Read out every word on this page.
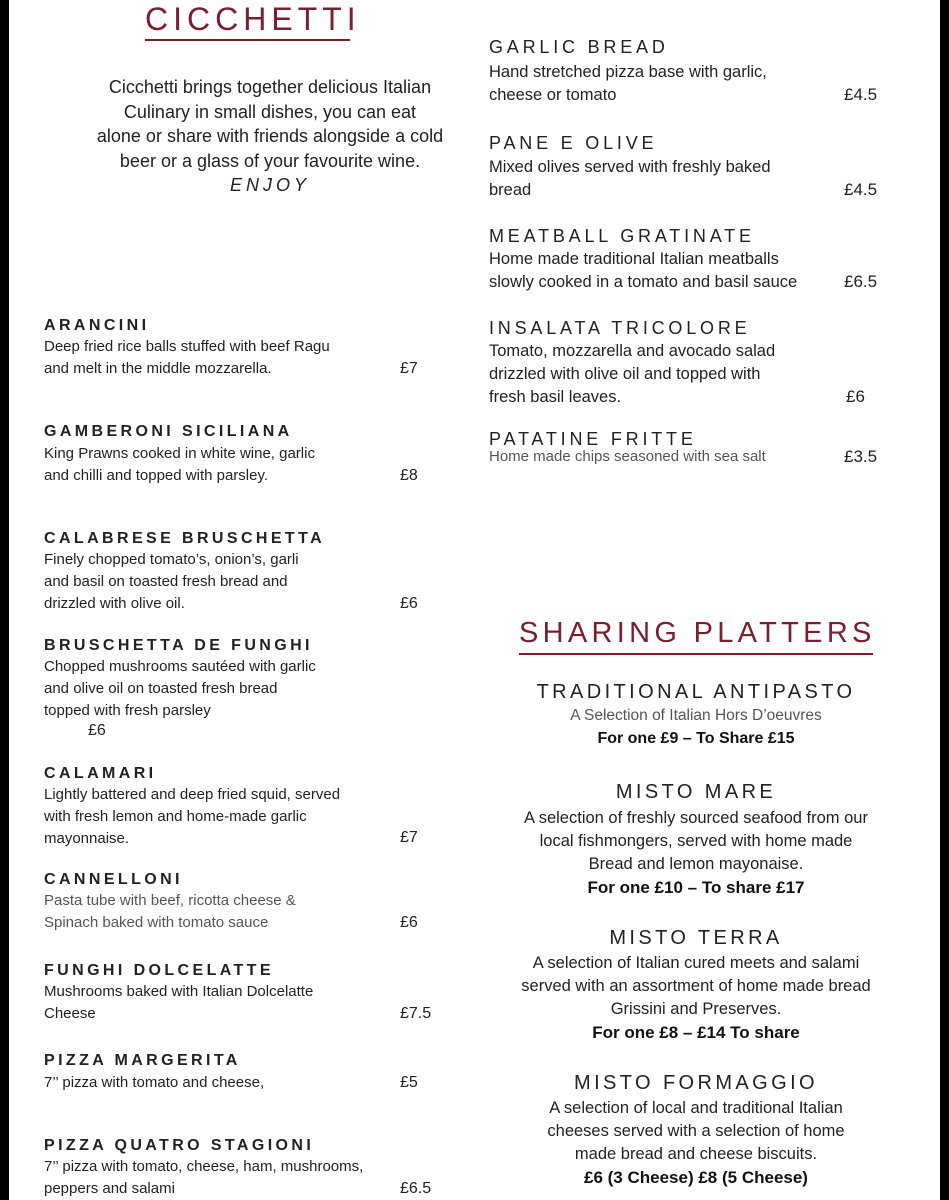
CICCHETTI
Cicchetti brings together delicious Italian
Culinary in small dishes, you can eat
alone or share with friends alongside a cold
beer or a glass of your favourite wine.
ENJOY
ARANCINI
Deep fried rice balls stuffed with beef Ragu
and melt in the middle mozzarella.	£7
GAMBERONI SICILIANA
King Prawns cooked in white wine, garlic
and chilli and topped with parsley.	£8
CALABRESE BRUSCHETTA
Finely chopped tomato’s, onion’s, garli
and basil on toasted fresh bread and
drizzled with olive oil.	£6
BRUSCHETTA DE FUNGHI
Chopped mushrooms sautéed with garlic
and olive oil on toasted fresh bread
topped with fresh parsley
£6
CALAMARI
Lightly battered and deep fried squid, served
with fresh lemon and home-made garlic
mayonnaise.	£7
CANNELLONI
Pasta tube with beef, ricotta cheese &
Spinach baked with tomato sauce	£6
FUNGHI DOLCELATTE
Mushrooms baked with Italian Dolcelatte
Cheese	£7.5
PIZZA MARGERITA
7’’ pizza with tomato and cheese,	£5
PIZZA QUATRO STAGIONI
7’’ pizza with tomato, cheese, ham, mushrooms,
peppers and salami	£6.5
GARLIC BREAD
Hand stretched pizza base with garlic,
cheese or tomato	£4.5
PANE E OLIVE
Mixed olives served with freshly baked
bread	£4.5
MEATBALL GRATINATE
Home made traditional Italian meatballs
slowly cooked in a tomato and basil sauce	£6.5
INSALATA TRICOLORE
Tomato, mozzarella and avocado salad
drizzled with olive oil and topped with
fresh basil leaves.	£6
PATATINE FRITTE
Home made chips seasoned with sea salt	£3.5
SHARING PLATTERS
TRADITIONAL ANTIPASTO
A Selection of Italian Hors D’oeuvres
For one £9 – To Share £15
MISTO MARE
A selection of freshly sourced seafood from our
local fishmongers, served with home made
Bread and lemon mayonaise.
For one £10 – To share £17
MISTO TERRA
A selection of Italian cured meets and salami
served with an assortment of home made bread
Grissini and Preserves.
For one £8 – £14 To share
MISTO FORMAGGIO
A selection of local and traditional Italian
cheeses served with a selection of home
made bread and cheese biscuits.
£6 (3 Cheese) £8 (5 Cheese)
